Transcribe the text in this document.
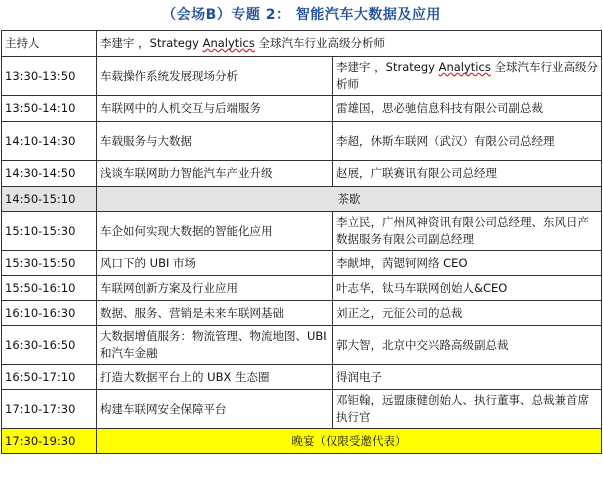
（会场B）专题 2： 智能汽车大数据及应用
主持人	李建宇 ，Strategy Analytics 全球汽车行业高级分析师	
13:30-13:50	车载操作系统发展现场分析	李建宇 ，Strategy Analytics 全球汽车行业高级分析师
13:50-14:10	车联网中的人机交互与后端服务	雷雄国，思必驰信息科技有限公司副总裁
14:10-14:30	车载服务与大数据	李超，休斯车联网（武汉）有限公司总经理
14:30-14:50	浅谈车联网助力智能汽车产业升级	赵展，广联赛讯有限公司总经理
14:50-15:10	茶歇	
15:10-15:30	车企如何实现大数据的智能化应用	李立民，广州风神资讯有限公司总经理、东风日产数据服务有限公司副总经理
15:30-15:50	风口下的 UBI 市场	李献坤，苪锶钶网络 CEO
15:50-16:10	车联网创新方案及行业应用	叶志华，钛马车联网创始人&CEO
16:10-16:30	数据、服务、营销是未来车联网基础	刘正之，元征公司的总裁
16:30-16:50	大数据增值服务：物流管理、物流地图、UBI 和汽车金融	郭大智，北京中交兴路高级副总裁
16:50-17:10	打造大数据平台上的 UBX 生态圈	得润电子
17:10-17:30	构建车联网安全保障平台	邓钜翰，远盟康健创始人、执行董事、总裁兼首席执行官
17:30-19:30	晚宴（仅限受邀代表）	
